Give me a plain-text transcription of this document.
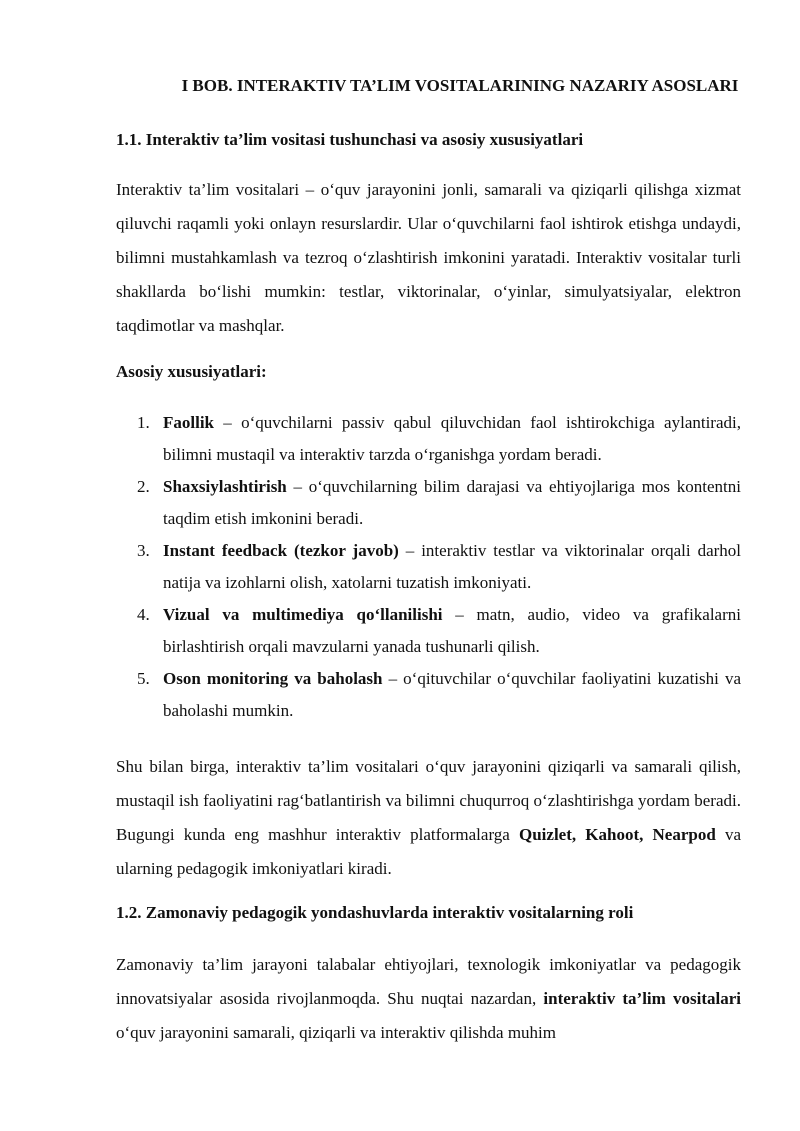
I BOB. INTERAKTIV TA’LIM VOSITALARINING NAZARIY ASOSLARI
1.1. Interaktiv ta’lim vositasi tushunchasi va asosiy xususiyatlari

Interaktiv ta’lim vositalari – o‘quv jarayonini jonli, samarali va qiziqarli qilishga xizmat qiluvchi raqamli yoki onlayn resurslardir. Ular o‘quvchilarni faol ishtirok etishga undaydi, bilimni mustahkamlash va tezroq o‘zlashtirish imkonini yaratadi. Interaktiv vositalar turli shakllarda bo‘lishi mumkin: testlar, viktorinalar, o‘yinlar, simulyatsiyalar, elektron taqdimotlar va mashqlar.

Asosiy xususiyatlari:

1. Faollik – o‘quvchilarni passiv qabul qiluvchidan faol ishtirokchiga aylantiradi, bilimni mustaqil va interaktiv tarzda o‘rganishga yordam beradi.
2. Shaxsiylashtirish – o‘quvchilarning bilim darajasi va ehtiyojlariga mos kontentni taqdim etish imkonini beradi.
3. Instant feedback (tezkor javob) – interaktiv testlar va viktorinalar orqali darhol natija va izohlarni olish, xatolarni tuzatish imkoniyati.
4. Vizual va multimediya qo‘llanilishi – matn, audio, video va grafikalarni birlashtirish orqali mavzularni yanada tushunarli qilish.
5. Oson monitoring va baholash – o‘qituvchilar o‘quvchilar faoliyatini kuzatishi va baholashi mumkin.

Shu bilan birga, interaktiv ta’lim vositalari o‘quv jarayonini qiziqarli va samarali qilish, mustaqil ish faoliyatini rag‘batlantirish va bilimni chuqurroq o‘zlashtirishga yordam beradi. Bugungi kunda eng mashhur interaktiv platformalarga Quizlet, Kahoot, Nearpod va ularning pedagogik imkoniyatlari kiradi.

1.2. Zamonaviy pedagogik yondashuvlarda interaktiv vositalarning roli

Zamonaviy ta’lim jarayoni talabalar ehtiyojlari, texnologik imkoniyatlar va pedagogik innovatsiyalar asosida rivojlanmoqda. Shu nuqtai nazardan, interaktiv ta’lim vositalari o‘quv jarayonini samarali, qiziqarli va interaktiv qilishda muhim
